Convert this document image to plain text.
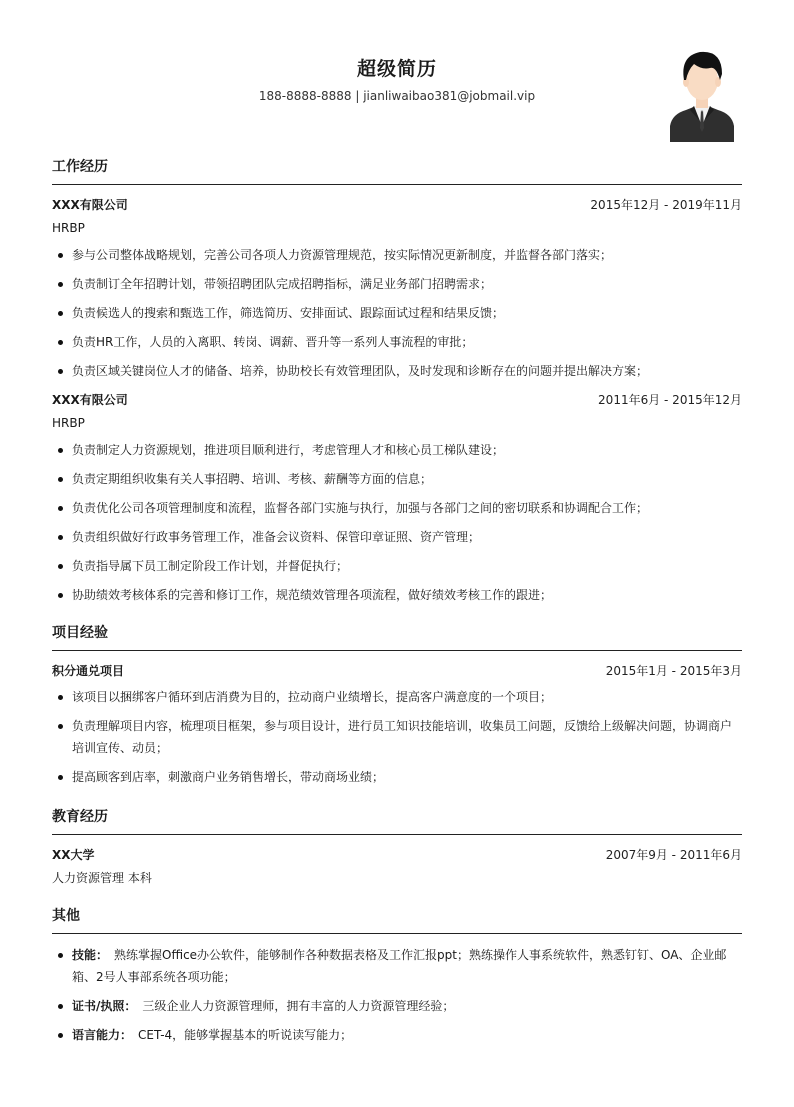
超级简历
188-8888-8888 | jianliwaibao381@jobmail.vip
工作经历
XXX有限公司	2015年12月 - 2019年11月
HRBP
参与公司整体战略规划，完善公司各项人力资源管理规范，按实际情况更新制度，并监督各部门落实；
负责制订全年招聘计划，带领招聘团队完成招聘指标，满足业务部门招聘需求；
负责候选人的搜索和甄选工作，筛选简历、安排面试、跟踪面试过程和结果反馈；
负责HR工作，人员的入离职、转岗、调薪、晋升等一系列人事流程的审批；
负责区域关键岗位人才的储备、培养，协助校长有效管理团队，及时发现和诊断存在的问题并提出解决方案；
XXX有限公司	2011年6月 - 2015年12月
HRBP
负责制定人力资源规划，推进项目顺利进行，考虑管理人才和核心员工梯队建设；
负责定期组织收集有关人事招聘、培训、考核、薪酬等方面的信息；
负责优化公司各项管理制度和流程，监督各部门实施与执行，加强与各部门之间的密切联系和协调配合工作；
负责组织做好行政事务管理工作，准备会议资料、保管印章证照、资产管理；
负责指导属下员工制定阶段工作计划，并督促执行；
协助绩效考核体系的完善和修订工作，规范绩效管理各项流程，做好绩效考核工作的跟进；
项目经验
积分通兑项目	2015年1月 - 2015年3月
该项目以捆绑客户循环到店消费为目的，拉动商户业绩增长，提高客户满意度的一个项目；
负责理解项目内容，梳理项目框架，参与项目设计，进行员工知识技能培训，收集员工问题，反馈给上级解决问题，协调商户培训宣传、动员；
提高顾客到店率，刺激商户业务销售增长，带动商场业绩；
教育经历
XX大学	2007年9月 - 2011年6月
人力资源管理 本科
其他
技能： 熟练掌握Office办公软件，能够制作各种数据表格及工作汇报ppt；熟练操作人事系统软件，熟悉钉钉、OA、企业邮箱、2号人事部系统各项功能；
证书/执照： 三级企业人力资源管理师，拥有丰富的人力资源管理经验；
语言能力： CET-4，能够掌握基本的听说读写能力；
